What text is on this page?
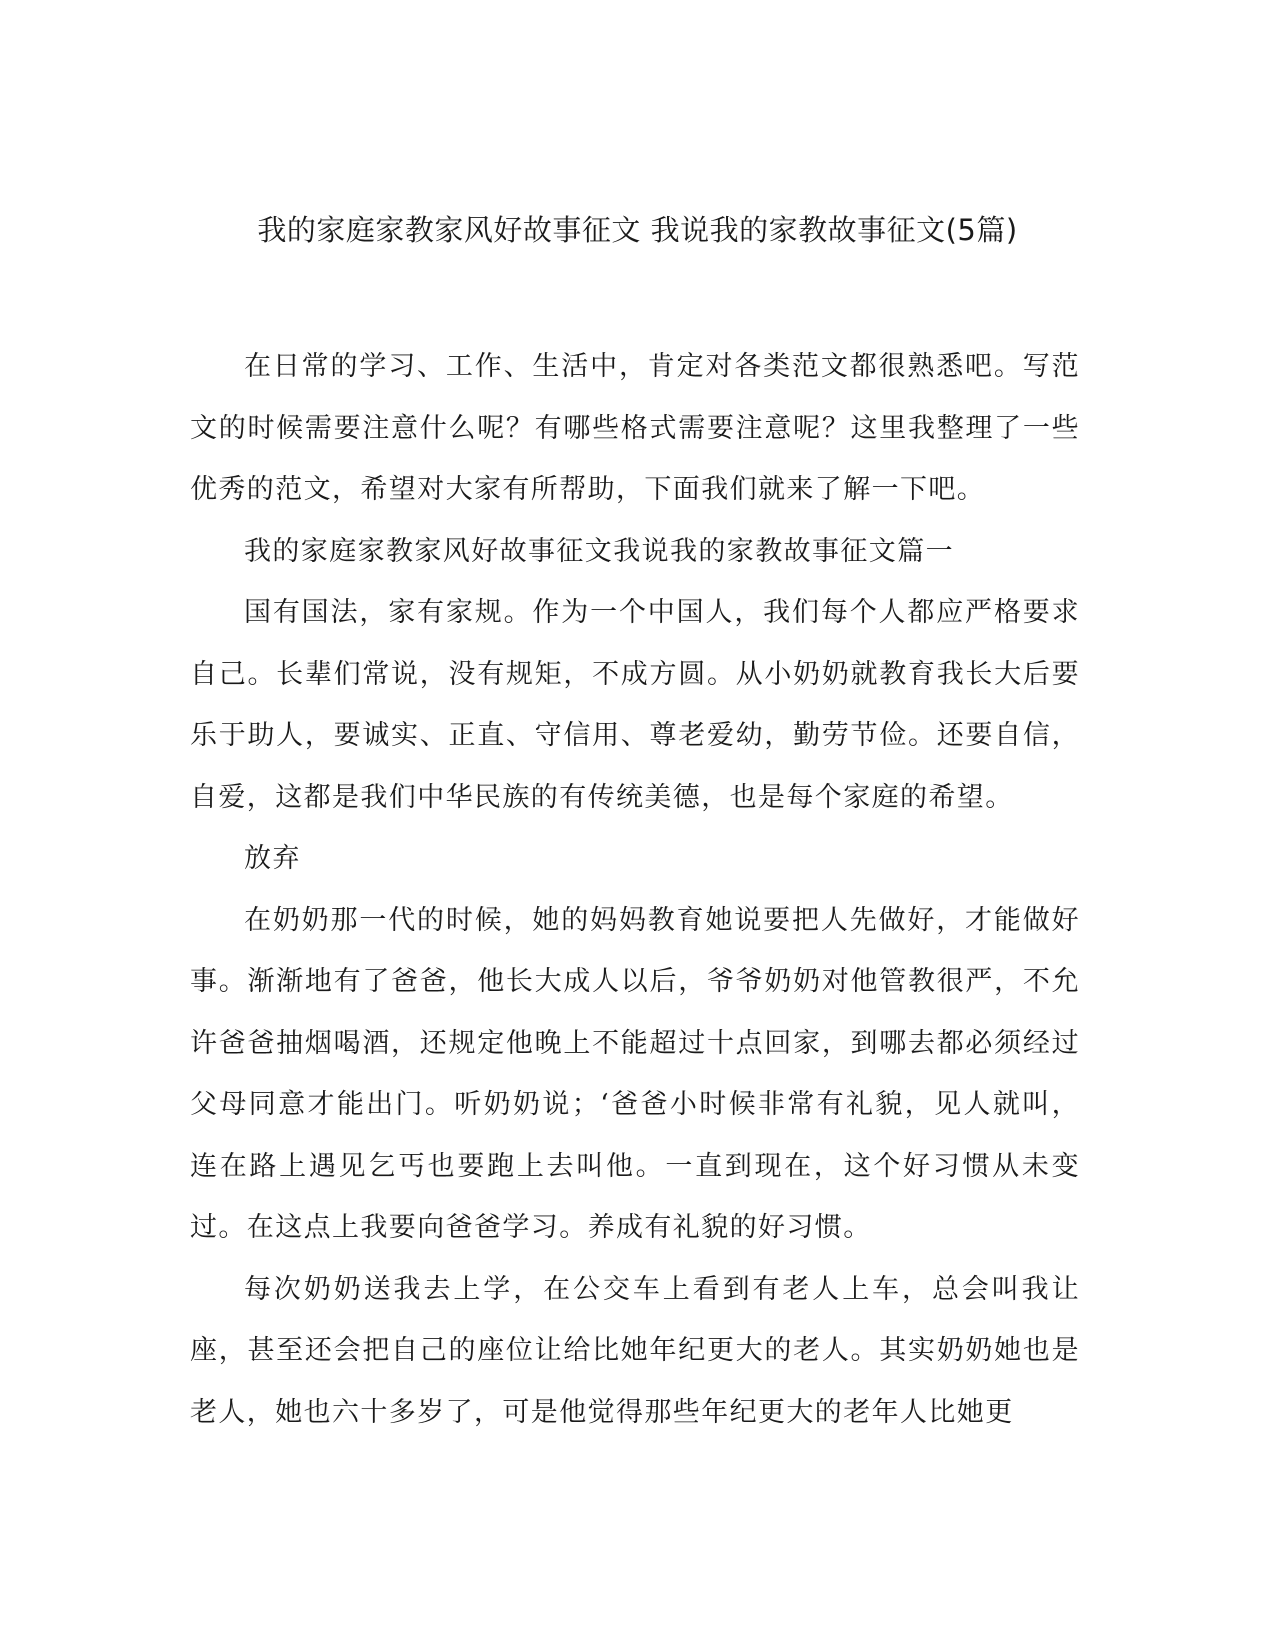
我的家庭家教家风好故事征文 我说我的家教故事征文(5篇)

在日常的学习、工作、生活中，肯定对各类范文都很熟悉吧。写范文的时候需要注意什么呢？有哪些格式需要注意呢？这里我整理了一些优秀的范文，希望对大家有所帮助，下面我们就来了解一下吧。

我的家庭家教家风好故事征文我说我的家教故事征文篇一

国有国法，家有家规。作为一个中国人，我们每个人都应严格要求自己。长辈们常说，没有规矩，不成方圆。从小奶奶就教育我长大后要乐于助人，要诚实、正直、守信用、尊老爱幼，勤劳节俭。还要自信，自爱，这都是我们中华民族的有传统美德，也是每个家庭的希望。

放弃

在奶奶那一代的时候，她的妈妈教育她说要把人先做好，才能做好事。渐渐地有了爸爸，他长大成人以后，爷爷奶奶对他管教很严，不允许爸爸抽烟喝酒，还规定他晚上不能超过十点回家，到哪去都必须经过父母同意才能出门。听奶奶说；‘爸爸小时候非常有礼貌，见人就叫，连在路上遇见乞丐也要跑上去叫他。一直到现在，这个好习惯从未变过。在这点上我要向爸爸学习。养成有礼貌的好习惯。

每次奶奶送我去上学，在公交车上看到有老人上车，总会叫我让座，甚至还会把自己的座位让给比她年纪更大的老人。其实奶奶她也是老人，她也六十多岁了，可是他觉得那些年纪更大的老年人比她更
